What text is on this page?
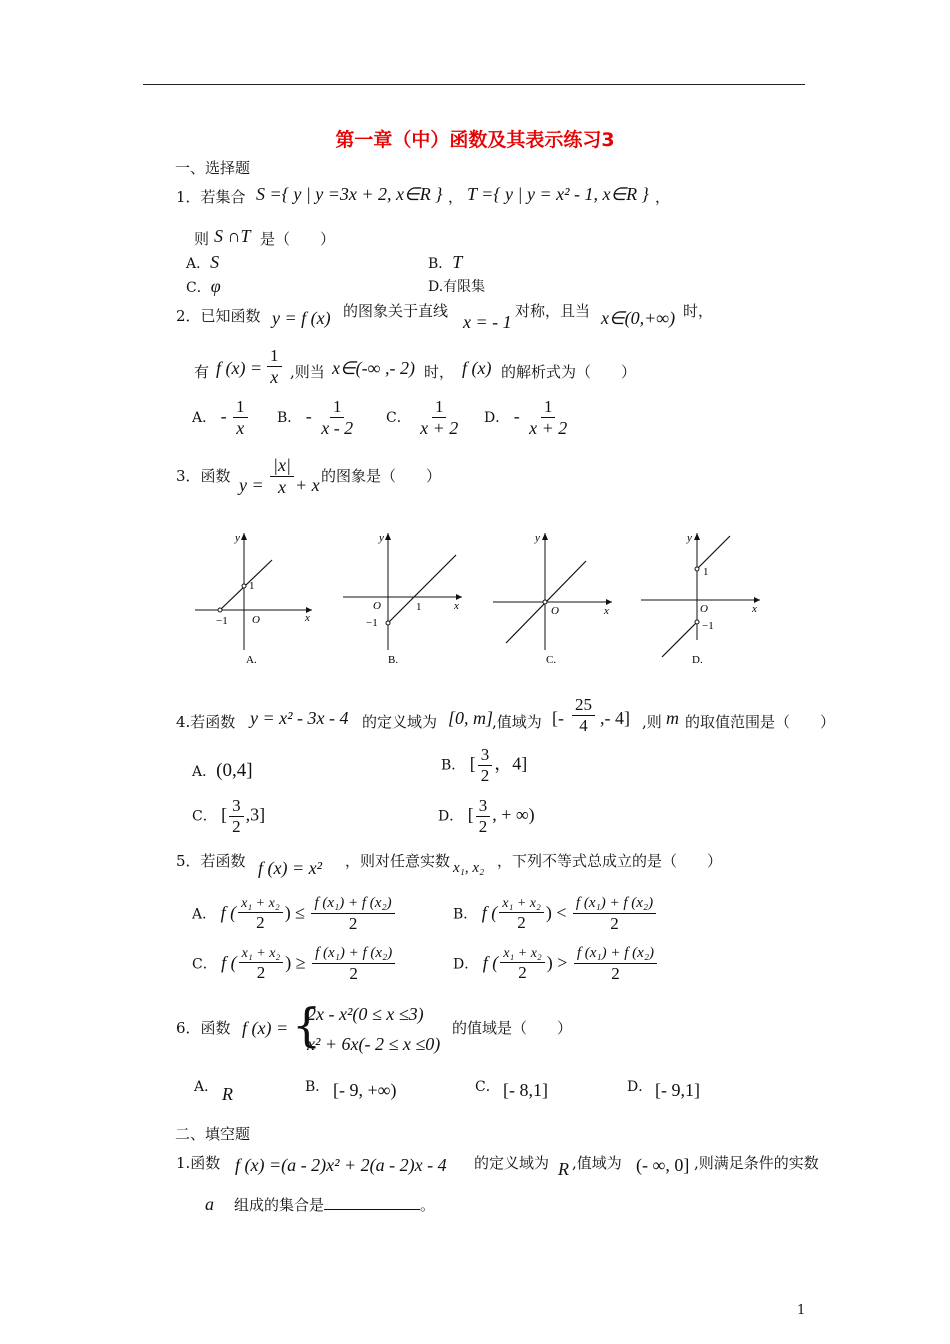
第一章（中）函数及其表示练习3
一、选择题
1．若集合 S ={ y | y =3x + 2, x∈R } ， T ={ y | y = x² - 1, x∈R } ，
则 S ∩T 是（　　）
A．S	B．T
C．φ	D.有限集
2．已知函数 y = f (x) 的图象关于直线
x = - 1
对称，且当 x∈(0,+∞) 时，
有 f $(x) = \frac{1}{x}$ ,则当 x∈(-∞ ,- 2) 时， f (x) 的解析式为（　　）
A． - $\frac{1}{x}$ B． - $\frac{1}{x - 2}$ C． $\frac{1}{x + 2}$ D． - $\frac{1}{x + 2}$
3．函数 $y = \frac{|x|}{x} + x$ 的图象是（　　）
y
x
O
1
−1
A.
y
x
O	1
−1
B.
y
x
O
C.
y
x
O
1
−1
D.
4.若函数 y = x² - 3x - 4 的定义域为 [0, m]
,值域为 [- $\frac{25}{4}$ ,- 4] ,则 m 的取值范围是（　　）
A．(0,4]	B． [ $\frac{3}{2}$ ，4]
C． [ $\frac{3}{2} ,3$]	D． [ $\frac{3}{2}$ , + ∞)
5．若函数 f (x) = x² ，则对任意实数 x₁, x₂ ，下列不等式总成立的是（　　）
A． f ( $\frac{\text{x₁ + x₂}}{2}$ ) ≤ $\frac{\text{f (x₁) + f (x₂)}}{2}$	B． f ( $\frac{\text{x₁ + x₂}}{2}$ ) < $\frac{\text{f (x₁) + f (x₂)}}{2}$
C． f ( $\frac{\text{x₁ + x₂}}{2}$ ) ≥ $\frac{\text{f (x₁) + f (x₂)}}{2}$	D． f ( $\frac{\text{x₁ + x₂}}{2}$ ) > $\frac{\text{f (x₁) + f (x₂)}}{2}$
6．函数 f (x) = {
2x - x²(0 ≤ x ≤3)
x² + 6x(- 2 ≤ x ≤0)
的值域是（　　）
A． R	B． [- 9, +∞)	C． [- 8,1]	D． [- 9,1]
二、填空题
1.函数 f (x) =(a - 2)x² + 2(a - 2)x - 4 的定义域为 R ,值域为 (- ∞, 0] ,则满足条件的实数
a 组成的集合是	。
1
